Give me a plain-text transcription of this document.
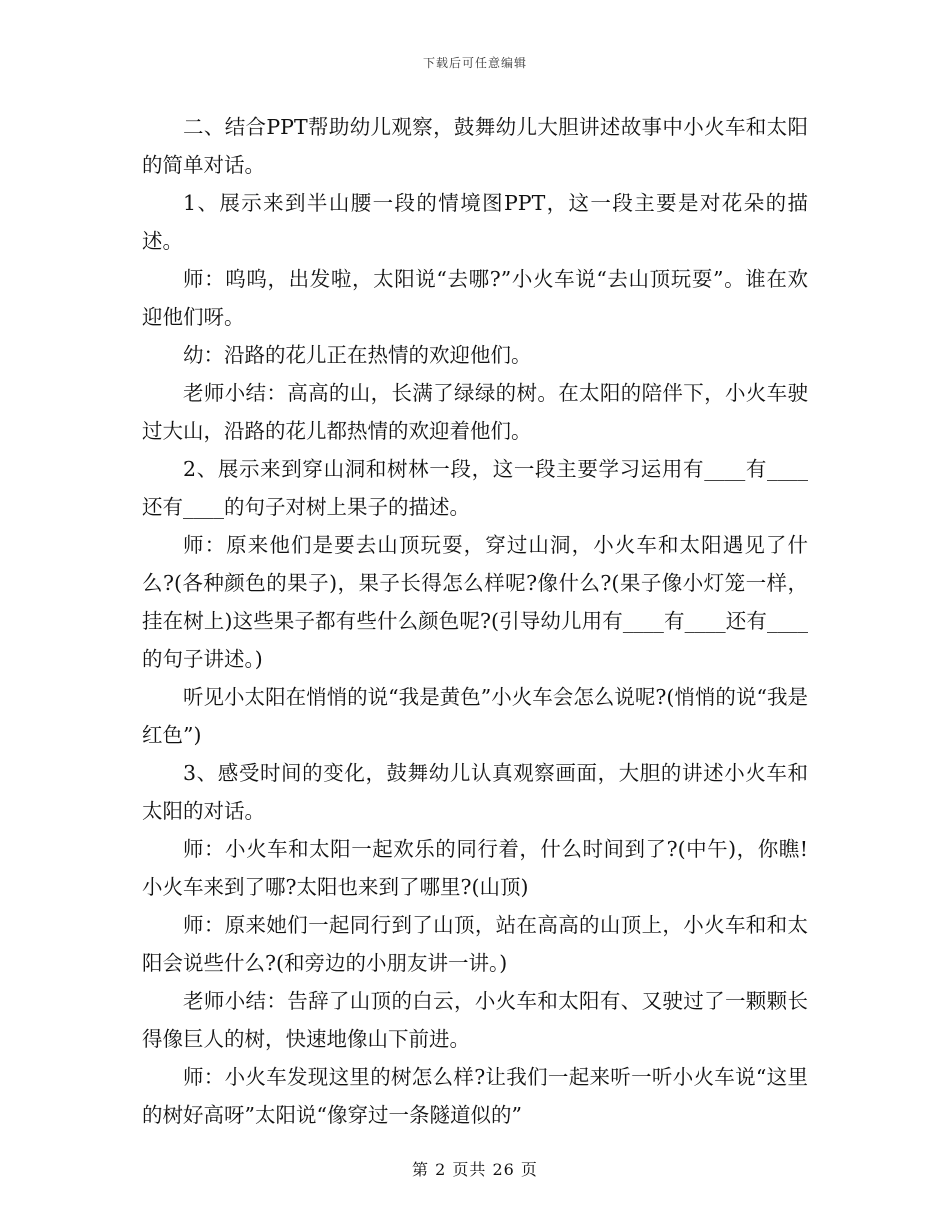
下载后可任意编辑

二、结合PPT帮助幼儿观察，鼓舞幼儿大胆讲述故事中小火车和太阳的简单对话。

1、展示来到半山腰一段的情境图PPT，这一段主要是对花朵的描述。

师：呜呜，出发啦，太阳说“去哪?”小火车说“去山顶玩耍”。谁在欢迎他们呀。

幼：沿路的花儿正在热情的欢迎他们。

老师小结：高高的山，长满了绿绿的树。在太阳的陪伴下，小火车驶过大山，沿路的花儿都热情的欢迎着他们。

2、展示来到穿山洞和树林一段，这一段主要学习运用有____有____还有____的句子对树上果子的描述。

师：原来他们是要去山顶玩耍，穿过山洞，小火车和太阳遇见了什么?(各种颜色的果子)，果子长得怎么样呢?像什么?(果子像小灯笼一样，挂在树上)这些果子都有些什么颜色呢?(引导幼儿用有____有____还有____的句子讲述。)

听见小太阳在悄悄的说“我是黄色”小火车会怎么说呢?(悄悄的说“我是红色”)

3、感受时间的变化，鼓舞幼儿认真观察画面，大胆的讲述小火车和太阳的对话。

师：小火车和太阳一起欢乐的同行着，什么时间到了?(中午)，你瞧!小火车来到了哪?太阳也来到了哪里?(山顶)

师：原来她们一起同行到了山顶，站在高高的山顶上，小火车和和太阳会说些什么?(和旁边的小朋友讲一讲。)

老师小结：告辞了山顶的白云，小火车和太阳有、又驶过了一颗颗长得像巨人的树，快速地像山下前进。

师：小火车发现这里的树怎么样?让我们一起来听一听小火车说“这里的树好高呀”太阳说“像穿过一条隧道似的”

第 2 页共 26 页
